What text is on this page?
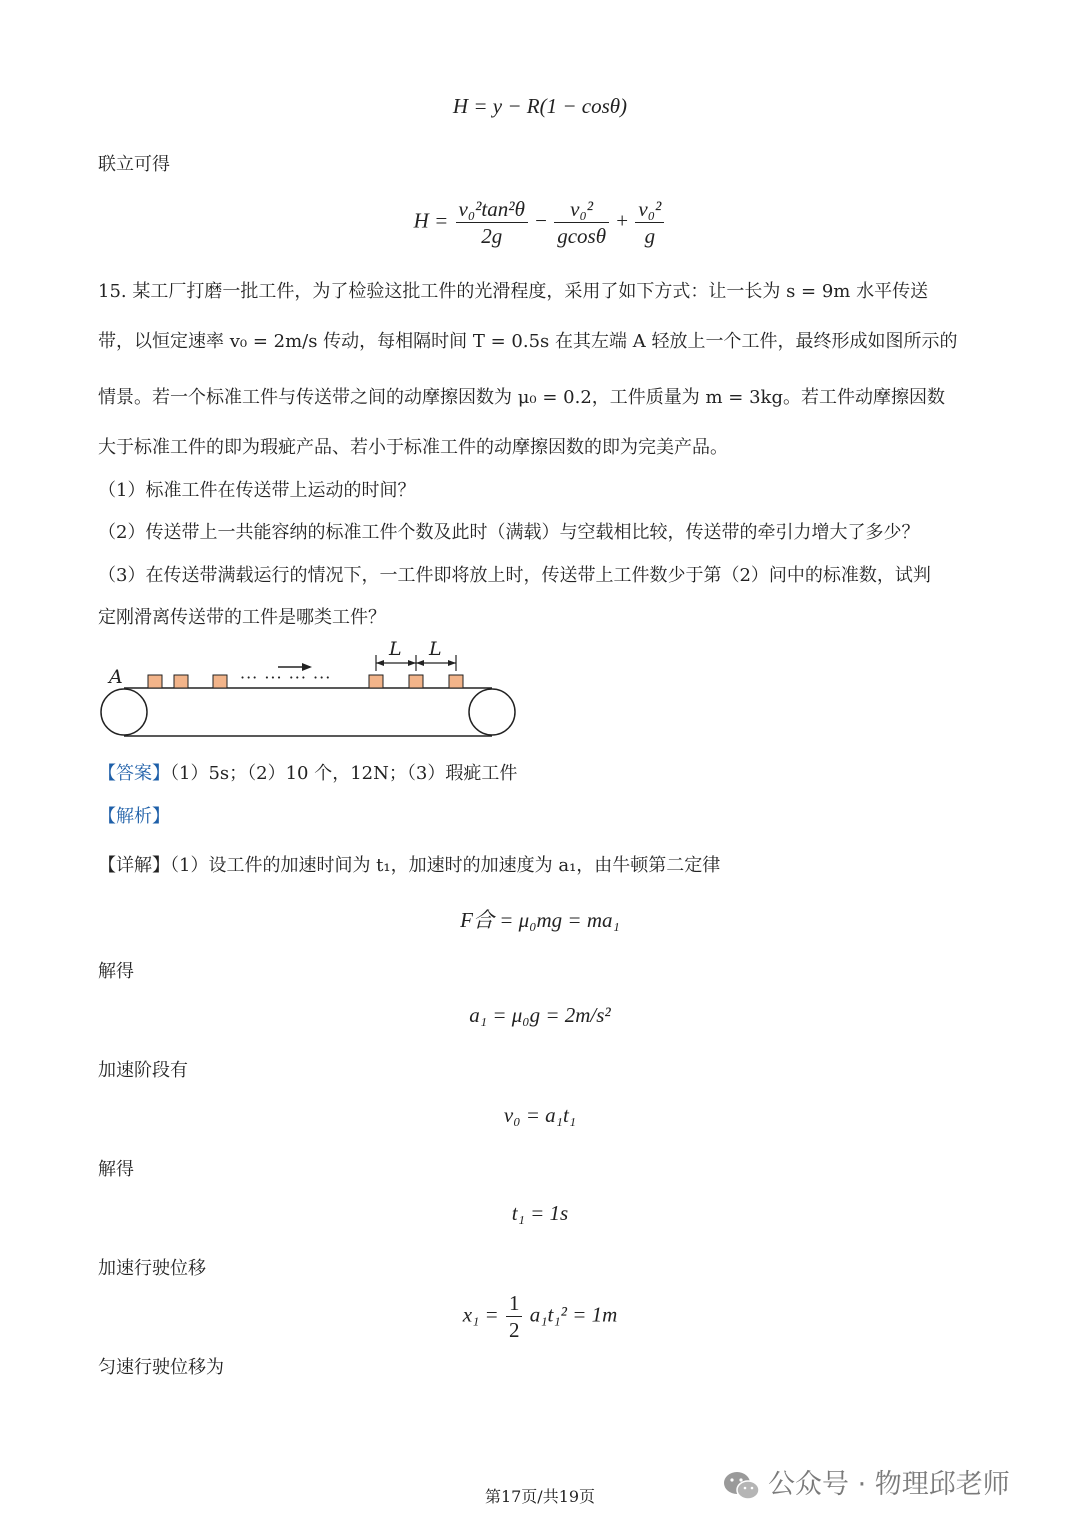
H = y − R(1 − cosθ)
联立可得
$H = \frac{\text{v₀²tan²θ}}{2g} - \frac{\text{v₀²}}{gcos\theta} + \frac{\text{v₀²}}{g}$
15. 某工厂打磨一批工件，为了检验这批工件的光滑程度，采用了如下方式：让一长为 s = 9m 水平传送
带，以恒定速率 v₀ = 2m/s 传动，每相隔时间 T = 0.5s 在其左端 A 轻放上一个工件，最终形成如图所示的
情景。若一个标准工件与传送带之间的动摩擦因数为 μ₀ = 0.2，工件质量为 m = 3kg。若工件动摩擦因数
大于标准工件的即为瑕疵产品、若小于标准工件的动摩擦因数的即为完美产品。
（1）标准工件在传送带上运动的时间？
（2）传送带上一共能容纳的标准工件个数及此时（满载）与空载相比较，传送带的牵引力增大了多少？
（3）在传送带满载运行的情况下，一工件即将放上时，传送带上工件数少于第（2）问中的标准数，试判
定刚滑离传送带的工件是哪类工件？
A	··· ··· ··· ···
L L
【答案】（1）5s；（2）10 个，12N；（3）瑕疵工件
【解析】
【详解】（1）设工件的加速时间为 t₁，加速时的加速度为 a₁，由牛顿第二定律
F合 = μ₀mg = ma₁
解得
a₁ = μ₀g = 2m/s²
加速阶段有
v₀ = a₁t₁
解得
t₁ = 1s
加速行驶位移
$x_1 = \frac{1}{2} a_1t_1^2 = 1m$
匀速行驶位移为
公众号 · 物理邱老师
第17页/共19页
